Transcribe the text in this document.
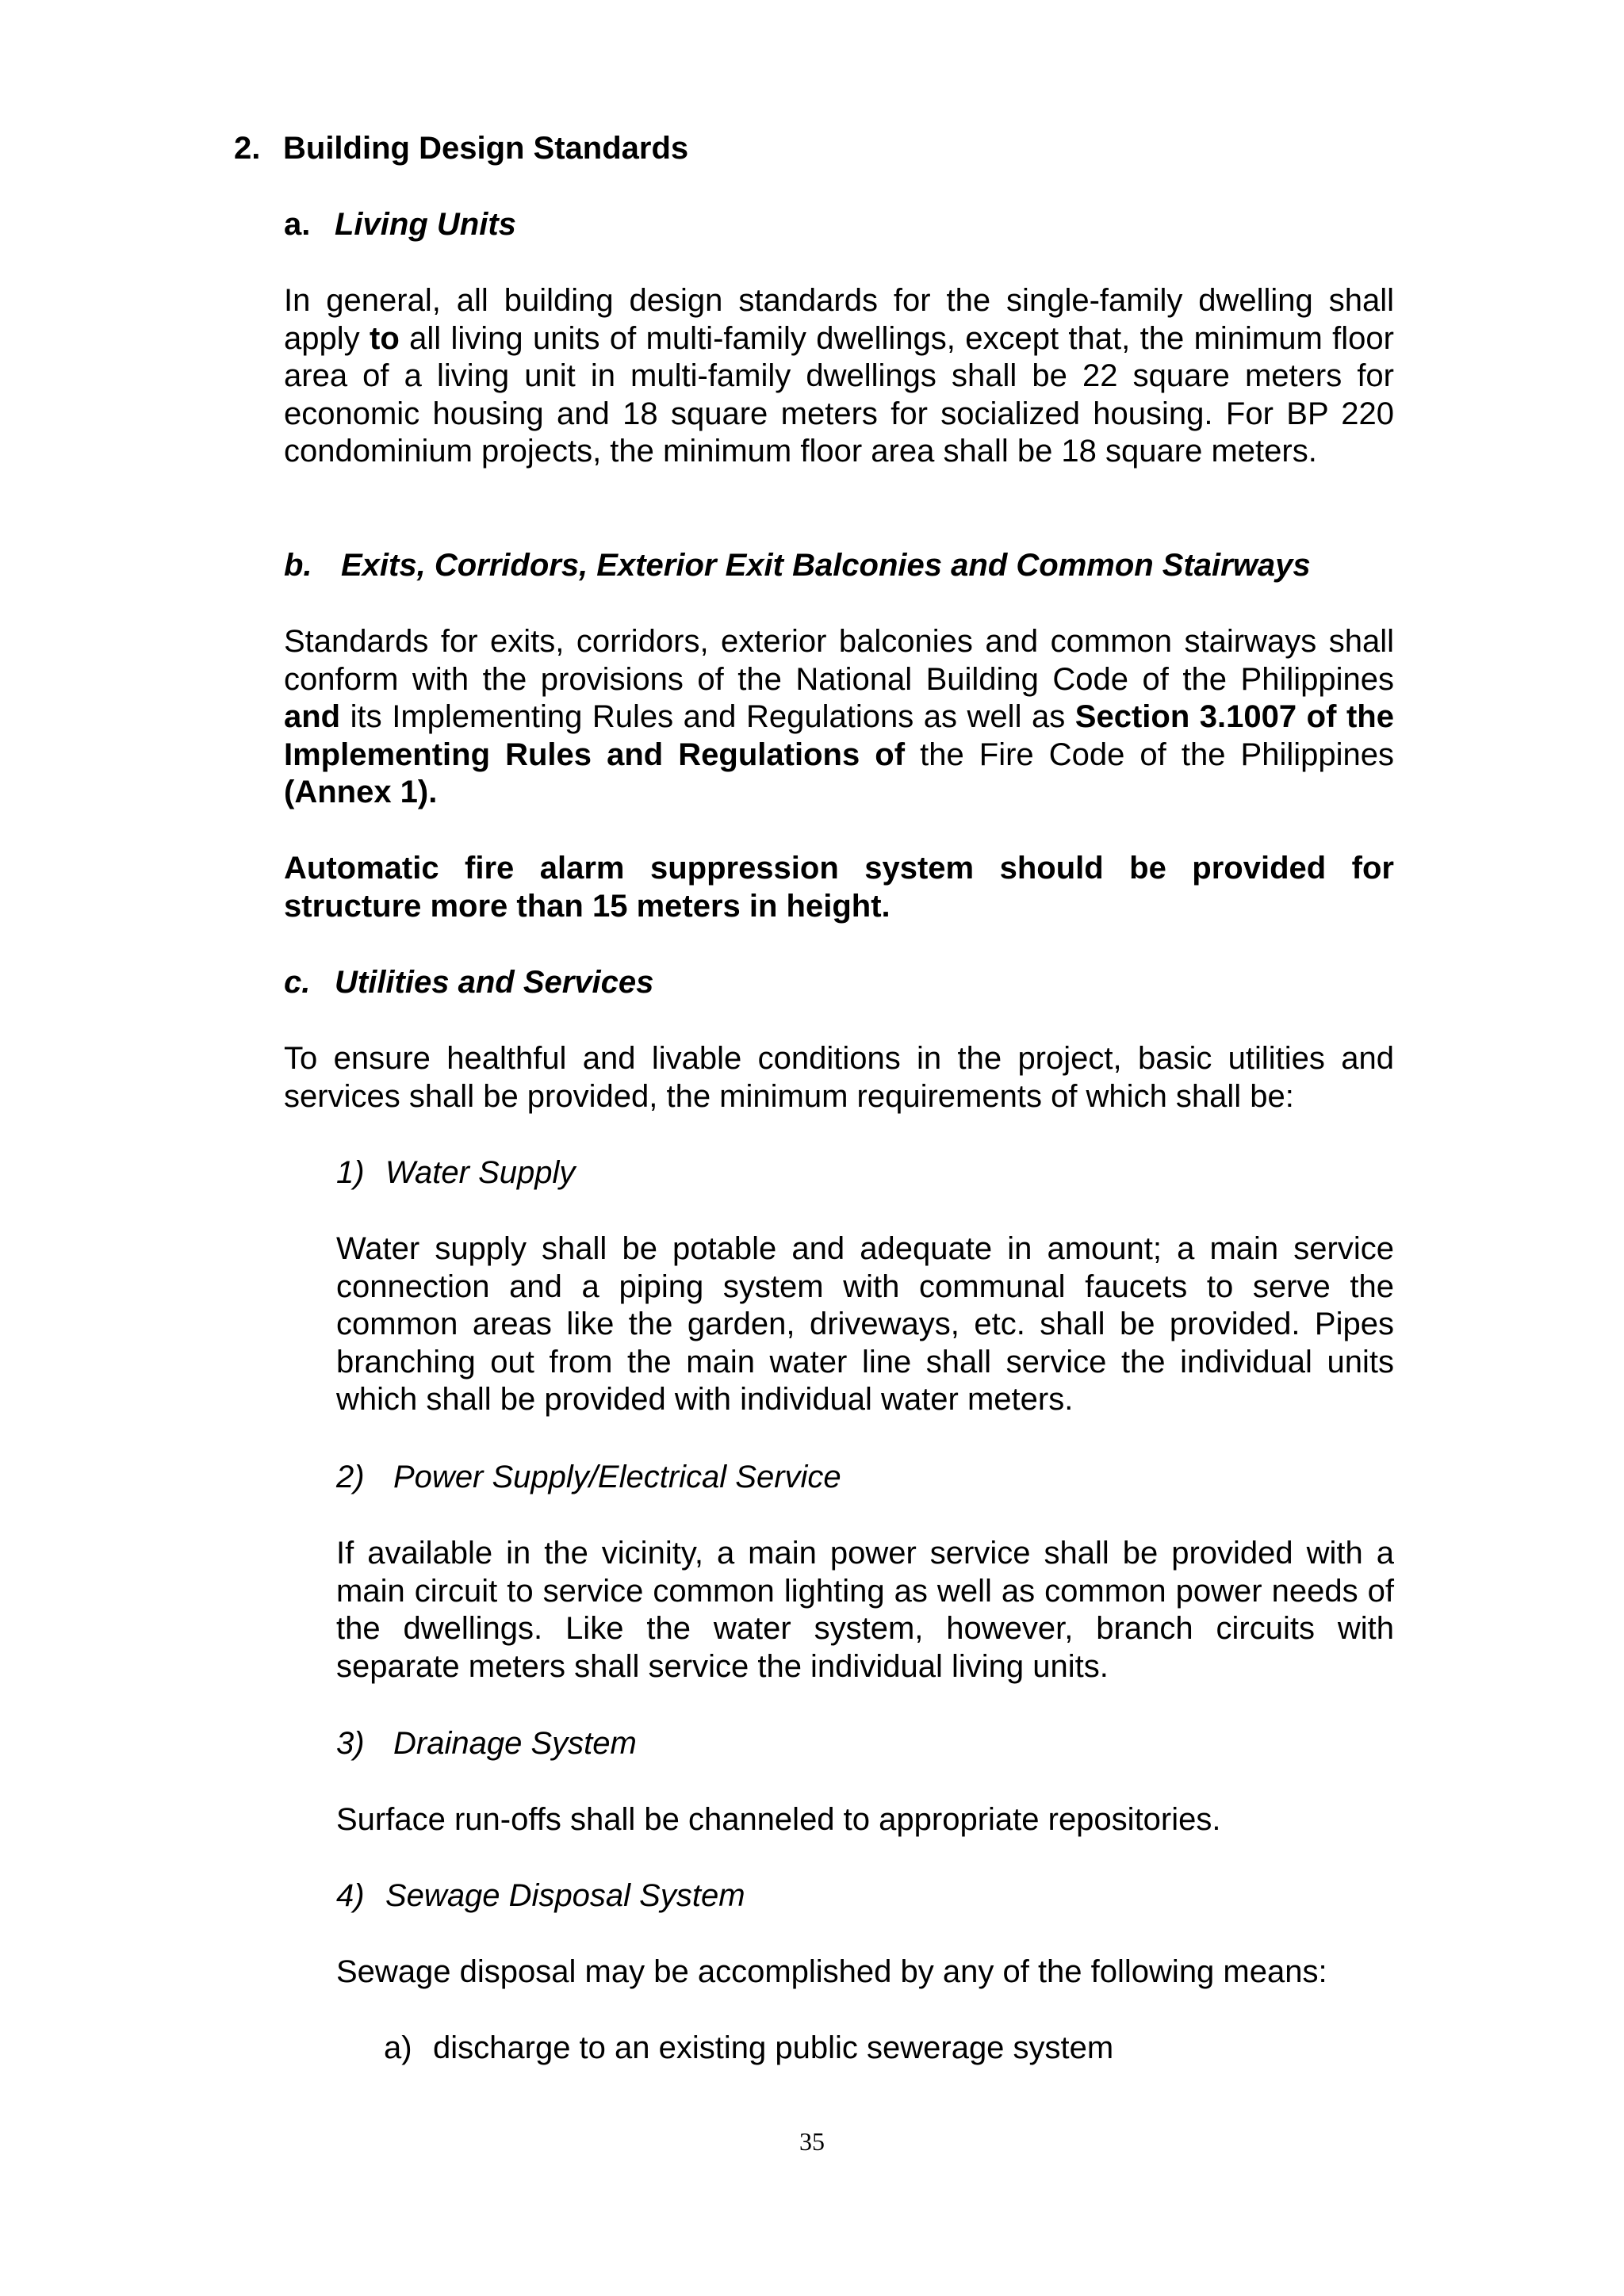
2. Building Design Standards
a. Living Units

In general, all building design standards for the single-family dwelling shall apply to all living units of multi-family dwellings, except that, the minimum floor area of a living unit in multi-family dwellings shall be 22 square meters for economic housing and 18 square meters for socialized housing. For BP 220 condominium projects, the minimum floor area shall be 18 square meters.

b. Exits, Corridors, Exterior Exit Balconies and Common Stairways

Standards for exits, corridors, exterior balconies and common stairways shall conform with the provisions of the National Building Code of the Philippines and its Implementing Rules and Regulations as well as Section 3.1007 of the Implementing Rules and Regulations of the Fire Code of the Philippines (Annex 1).

Automatic fire alarm suppression system should be provided for structure more than 15 meters in height.

c. Utilities and Services

To ensure healthful and livable conditions in the project, basic utilities and services shall be provided, the minimum requirements of which shall be:

1) Water Supply

Water supply shall be potable and adequate in amount; a main service connection and a piping system with communal faucets to serve the common areas like the garden, driveways, etc. shall be provided. Pipes branching out from the main water line shall service the individual units which shall be provided with individual water meters.

2) Power Supply/Electrical Service

If available in the vicinity, a main power service shall be provided with a main circuit to service common lighting as well as common power needs of the dwellings. Like the water system, however, branch circuits with separate meters shall service the individual living units.

3) Drainage System

Surface run-offs shall be channeled to appropriate repositories.

4) Sewage Disposal System

Sewage disposal may be accomplished by any of the following means:

a) discharge to an existing public sewerage system
35
